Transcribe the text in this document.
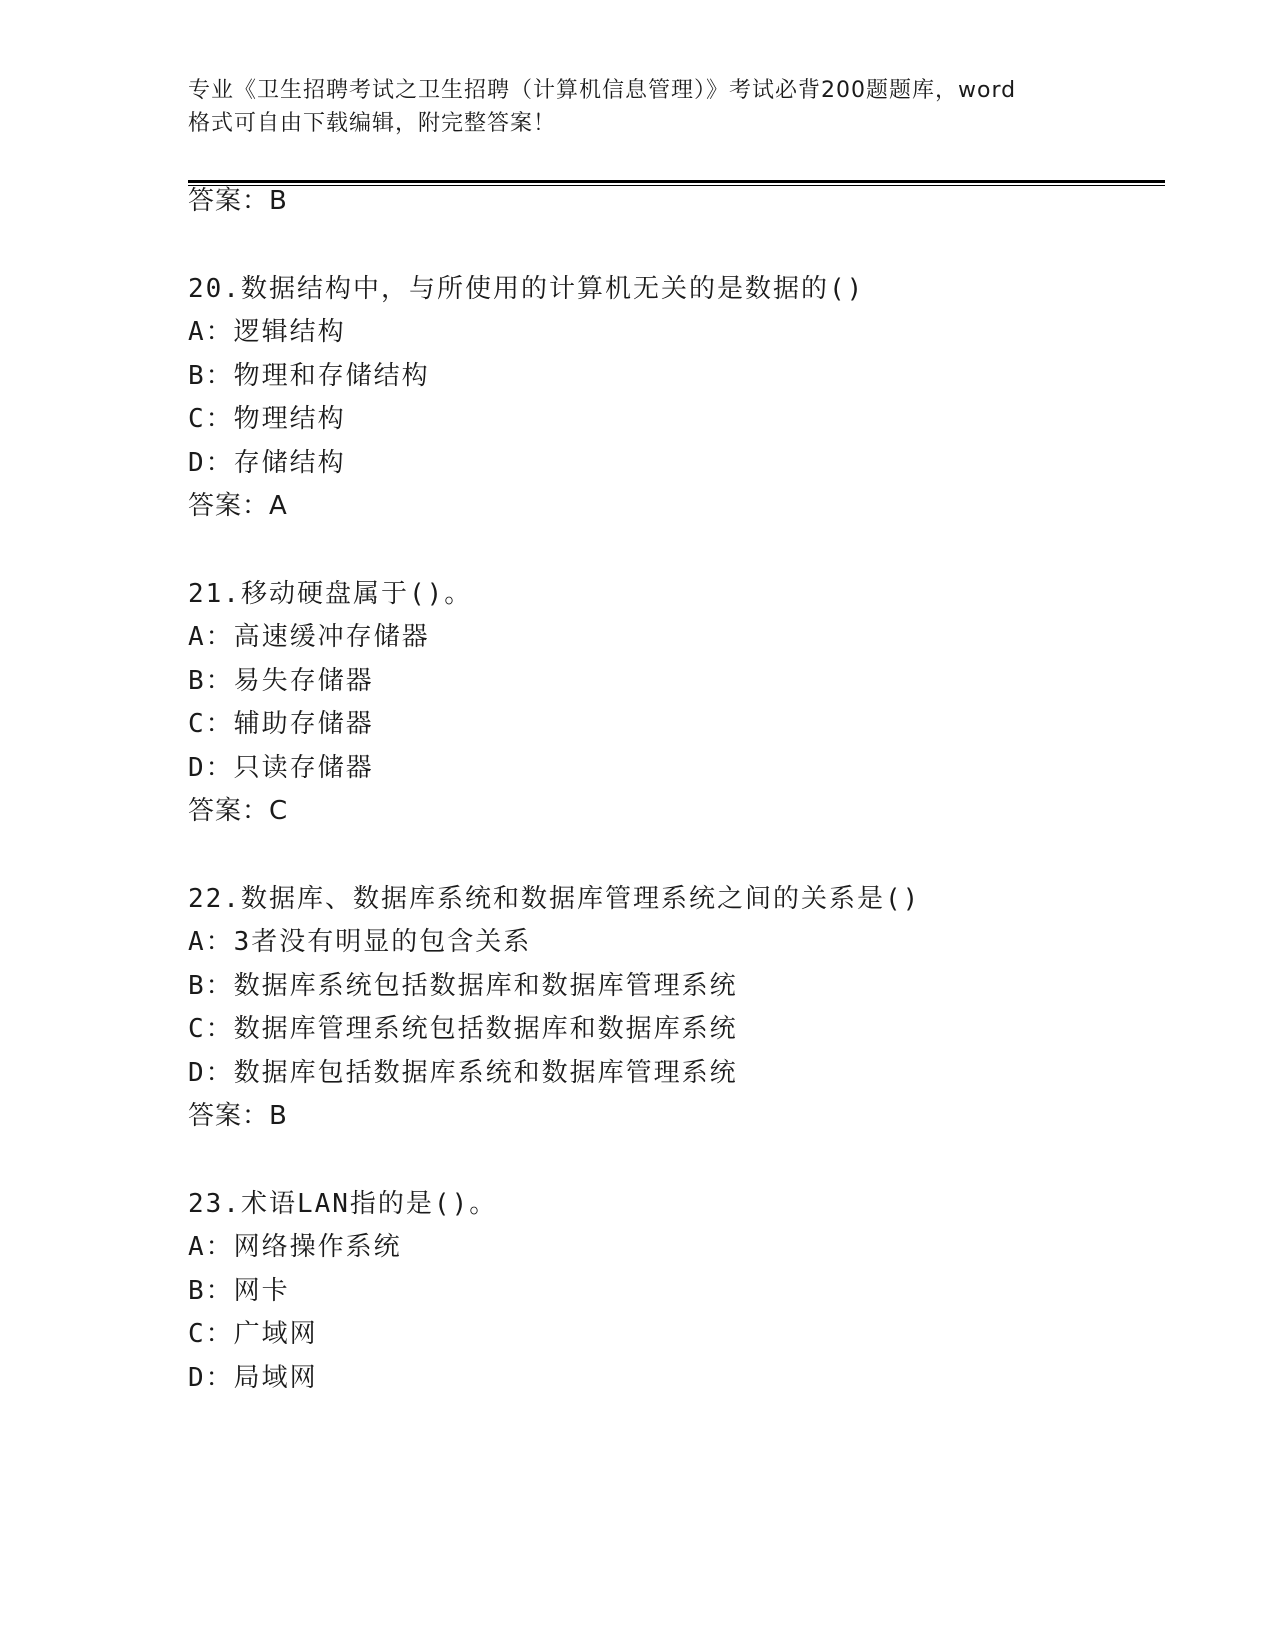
专业《卫生招聘考试之卫生招聘（计算机信息管理）》考试必背200题题库，word
格式可自由下载编辑，附完整答案！
答案：B
20.数据结构中，与所使用的计算机无关的是数据的()
A：逻辑结构
B：物理和存储结构
C：物理结构
D：存储结构
答案：A
21.移动硬盘属于()。
A：高速缓冲存储器
B：易失存储器
C：辅助存储器
D：只读存储器
答案：C
22.数据库、数据库系统和数据库管理系统之间的关系是()
A：3者没有明显的包含关系
B：数据库系统包括数据库和数据库管理系统
C：数据库管理系统包括数据库和数据库系统
D：数据库包括数据库系统和数据库管理系统
答案：B
23.术语LAN指的是()。
A：网络操作系统
B：网卡
C：广域网
D：局域网
